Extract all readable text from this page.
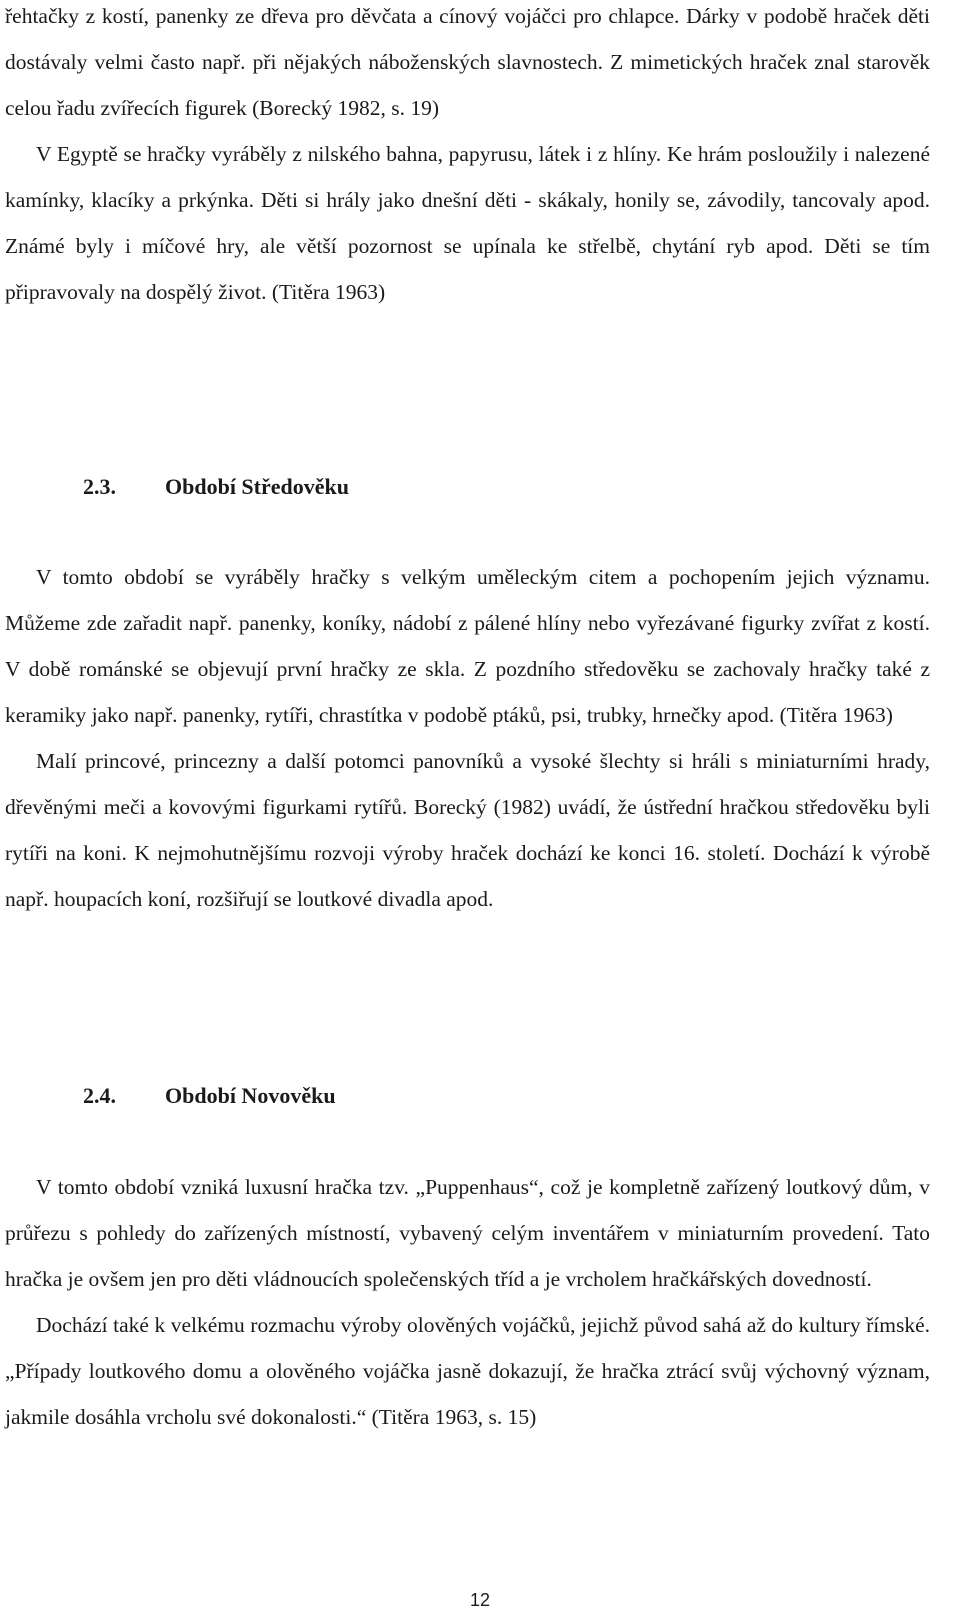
řehtačky z kostí, panenky ze dřeva pro děvčata a cínový vojáčci pro chlapce. Dárky v podobě hraček děti dostávaly velmi často např. při nějakých náboženských slavnostech. Z mimetických hraček znal starověk celou řadu zvířecích figurek (Borecký 1982, s. 19)

V Egyptě se hračky vyráběly z nilského bahna, papyrusu, látek i z hlíny. Ke hrám posloužily i nalezené kamínky, klacíky a prkýnka. Děti si hrály jako dnešní děti - skákaly, honily se, závodily, tancovaly apod. Známé byly i míčové hry, ale větší pozornost se upínala ke střelbě, chytání ryb apod. Děti se tím připravovaly na dospělý život. (Titěra 1963)

2.3. Období Středověku

V tomto období se vyráběly hračky s velkým uměleckým citem a pochopením jejich významu. Můžeme zde zařadit např. panenky, koníky, nádobí z pálené hlíny nebo vyřezávané figurky zvířat z kostí. V době románské se objevují první hračky ze skla. Z pozdního středověku se zachovaly hračky také z keramiky jako např. panenky, rytíři, chrastítka v podobě ptáků, psi, trubky, hrnečky apod. (Titěra 1963)

Malí princové, princezny a další potomci panovníků a vysoké šlechty si hráli s miniaturními hrady, dřevěnými meči a kovovými figurkami rytířů. Borecký (1982) uvádí, že ústřední hračkou středověku byli rytíři na koni. K nejmohutnějšímu rozvoji výroby hraček dochází ke konci 16. století. Dochází k výrobě např. houpacích koní, rozšiřují se loutkové divadla apod.

2.4. Období Novověku

V tomto období vzniká luxusní hračka tzv. „Puppenhaus“, což je kompletně zařízený loutkový dům, v průřezu s pohledy do zařízených místností, vybavený celým inventářem v miniaturním provedení. Tato hračka je ovšem jen pro děti vládnoucích společenských tříd a je vrcholem hračkářských dovedností.

Dochází také k velkému rozmachu výroby olověných vojáčků, jejichž původ sahá až do kultury římské. „Případy loutkového domu a olověného vojáčka jasně dokazují, že hračka ztrácí svůj výchovný význam, jakmile dosáhla vrcholu své dokonalosti.“ (Titěra 1963, s. 15)

12
